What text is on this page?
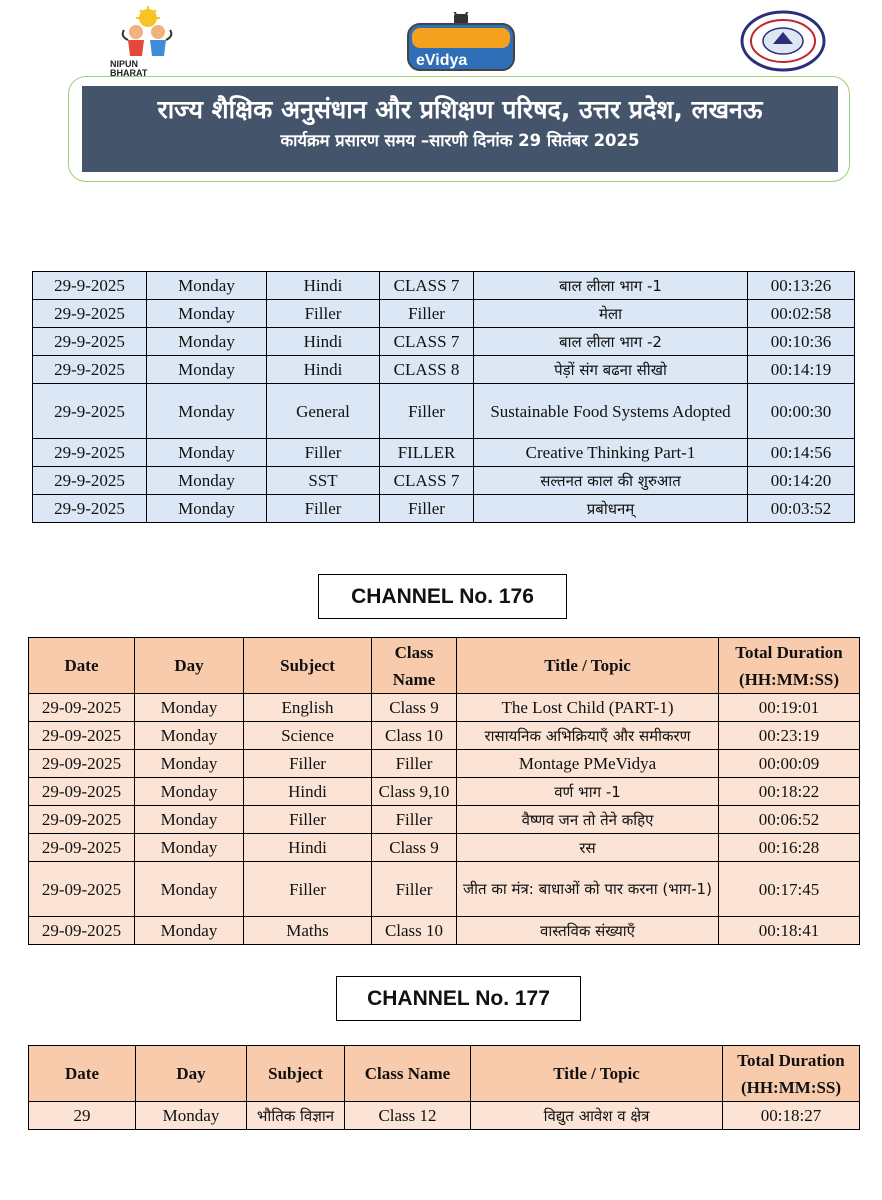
NIPUN BHARAT
eVidya
राज्य शैक्षिक अनुसंधान और प्रशिक्षण परिषद, उत्तर प्रदेश, लखनऊ
कार्यक्रम प्रसारण समय –सारणी दिनांक 29 सितंबर 2025
29-9-2025	Monday	Hindi	CLASS 7	बाल लीला भाग -1	00:13:26
29-9-2025	Monday	Filler	Filler	मेला	00:02:58
29-9-2025	Monday	Hindi	CLASS 7	बाल लीला भाग -2	00:10:36
29-9-2025	Monday	Hindi	CLASS 8	पेड़ों संग बढना सीखो	00:14:19
29-9-2025	Monday	General	Filler	Sustainable Food Systems Adopted	00:00:30
29-9-2025	Monday	Filler	FILLER	Creative Thinking Part-1	00:14:56
29-9-2025	Monday	SST	CLASS 7	सल्तनत काल की शुरुआत	00:14:20
29-9-2025	Monday	Filler	Filler	प्रबोधनम्	00:03:52
CHANNEL No. 176
Date	Day	Subject	Class Name	Title / Topic	Total Duration (HH:MM:SS)
29-09-2025	Monday	English	Class 9	The Lost Child (PART-1)	00:19:01
29-09-2025	Monday	Science	Class 10	रासायनिक अभिक्रियाएँ और समीकरण	00:23:19
29-09-2025	Monday	Filler	Filler	Montage PMeVidya	00:00:09
29-09-2025	Monday	Hindi	Class 9,10	वर्ण भाग -1	00:18:22
29-09-2025	Monday	Filler	Filler	वैष्णव जन तो तेने कहिए	00:06:52
29-09-2025	Monday	Hindi	Class 9	रस	00:16:28
29-09-2025	Monday	Filler	Filler	जीत का मंत्र: बाधाओं को पार करना (भाग-1)	00:17:45
29-09-2025	Monday	Maths	Class 10	वास्तविक संख्याएँ	00:18:41
CHANNEL No. 177
Date	Day	Subject	Class Name	Title / Topic	Total Duration (HH:MM:SS)
29	Monday	भौतिक विज्ञान	Class 12	विद्युत आवेश व क्षेत्र	00:18:27
